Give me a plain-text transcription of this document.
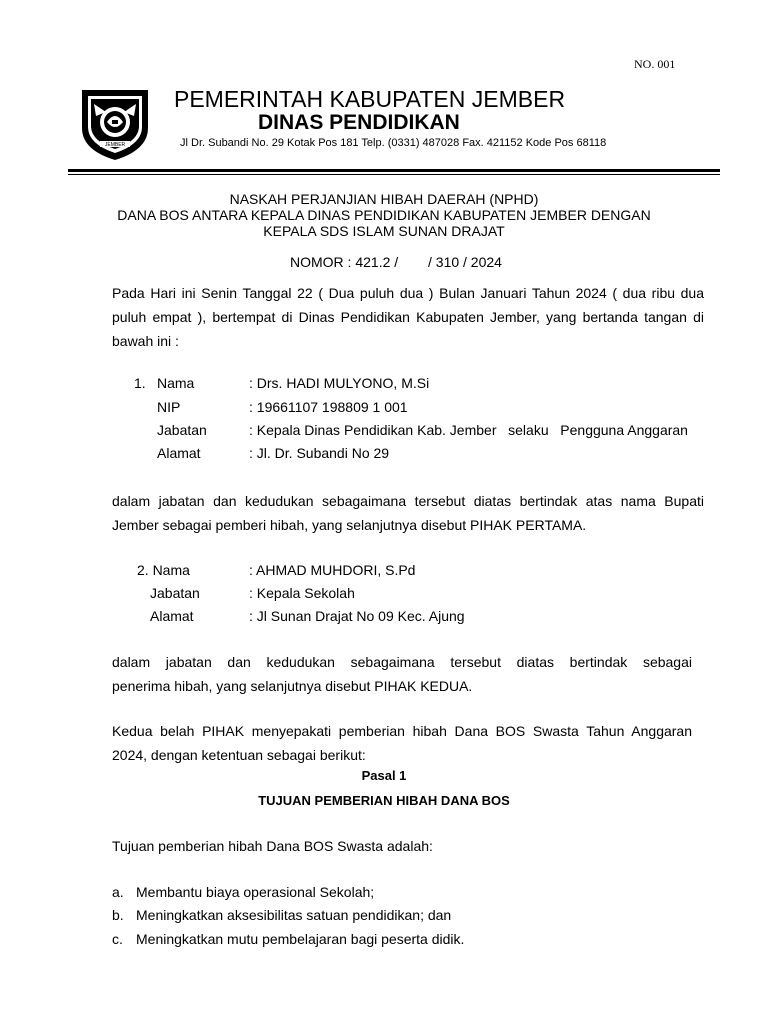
NO. 001
JEMBER
PEMERINTAH KABUPATEN JEMBER
DINAS PENDIDIKAN
Jl Dr. Subandi No. 29 Kotak Pos 181 Telp. (0331) 487028 Fax. 421152 Kode Pos 68118
NASKAH PERJANJIAN HIBAH DAERAH (NPHD)
DANA BOS ANTARA KEPALA DINAS PENDIDIKAN KABUPATEN JEMBER DENGAN
KEPALA SDS ISLAM SUNAN DRAJAT
NOMOR : 421.2 / / 310 / 2024
Pada Hari ini Senin Tanggal 22 ( Dua puluh dua ) Bulan Januari Tahun 2024 ( dua ribu dua
puluh empat ), bertempat di Dinas Pendidikan Kabupaten Jember, yang bertanda tangan di
bawah ini :
1. Nama	: Drs. HADI MULYONO, M.Si
NIP	: 19661107 198809 1 001
Jabatan	: Kepala Dinas Pendidikan Kab. Jember   selaku   Pengguna Anggaran
Alamat	: Jl. Dr. Subandi No 29
dalam jabatan dan kedudukan sebagaimana tersebut diatas bertindak atas nama Bupati
Jember sebagai pemberi hibah, yang selanjutnya disebut PIHAK PERTAMA.
2. Nama	: AHMAD MUHDORI, S.Pd
Jabatan	: Kepala Sekolah
Alamat	: Jl Sunan Drajat No 09 Kec. Ajung
dalam jabatan dan kedudukan sebagaimana tersebut diatas bertindak sebagai
penerima hibah, yang selanjutnya disebut PIHAK KEDUA.
Kedua belah PIHAK menyepakati pemberian hibah Dana BOS Swasta Tahun Anggaran
2024, dengan ketentuan sebagai berikut:
Pasal 1
TUJUAN PEMBERIAN HIBAH DANA BOS
Tujuan pemberian hibah Dana BOS Swasta adalah:
a. Membantu biaya operasional Sekolah;
b. Meningkatkan aksesibilitas satuan pendidikan; dan
c. Meningkatkan mutu pembelajaran bagi peserta didik.
